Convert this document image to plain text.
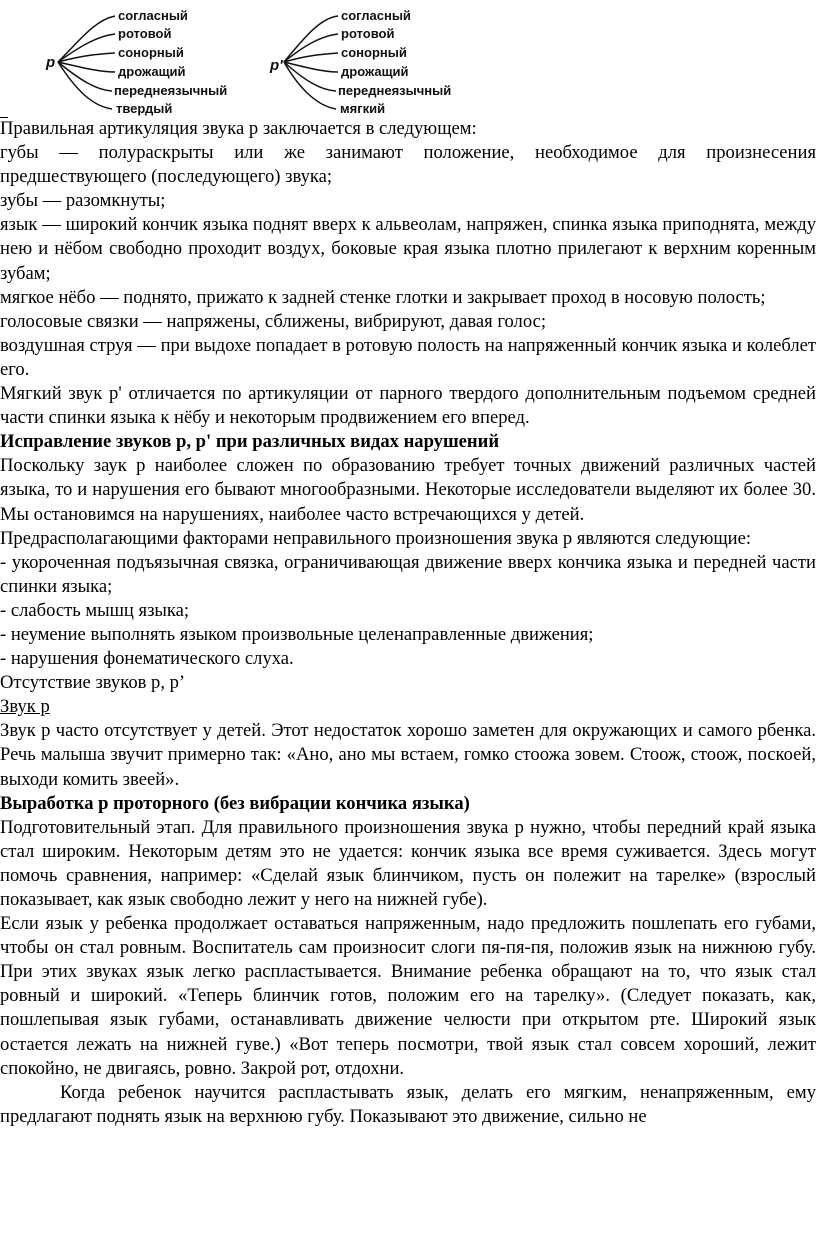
р
согласный
ротовой
сонорный
дрожащий
переднеязычный
твердый
р'
согласный
ротовой
сонорный
дрожащий
переднеязычный
мягкий

Правильная артикуляция звука р заключается в следующем:

губы — полураскрыты или же занимают положение, необходимое для произнесения предшествующего (последующего) звука;

зубы — разомкнуты;

язык — широкий кончик языка поднят вверх к альвеолам, напряжен, спинка языка приподнята, между нею и нёбом свободно проходит воздух, боковые края языка плотно прилегают к верхним коренным зубам;

мягкое нёбо — поднято, прижато к задней стенке глотки и закрывает проход в носовую полость;

голосовые связки — напряжены, сближены, вибрируют, давая голос;

воздушная струя — при выдохе попадает в ротовую полость на напряженный кончик языка и колеблет его.

Мягкий звук р' отличается по артикуляции от парного твердого дополнительным подъемом средней части спинки языка к нёбу и некоторым продвижением его вперед.

Исправление звуков р, р' при различных видах нарушений

Поскольку заук р наиболее сложен по образованию требует точных движений различных частей языка, то и нарушения его бывают многообразными. Некоторые исследователи выделяют их более 30. Мы остановимся на нарушениях, наиболее часто встречающихся у детей.

Предрасполагающими факторами неправильного произношения звука р являются следующие:

- укороченная подъязычная связка, ограничивающая движение вверх кончика языка и передней части спинки языка;

- слабость мышц языка;

- неумение выполнять языком произвольные целенаправленные движения;

- нарушения фонематического слуха.

Отсутствие звуков р, р’

Звук р

Звук р часто отсутствует у детей. Этот недостаток хорошо заметен для окружающих и самого рбенка. Речь малыша звучит примерно так: «Ано, ано мы встаем, гомко стоожа зовем. Стоож, стоож, поскоей, выходи комить звеей».

Выработка р проторного (без вибрации кончика языка)

Подготовительный этап. Для правильного произношения звука р нужно, чтобы передний край языка стал широким. Некоторым детям это не удается: кончик языка все время суживается. Здесь могут помочь сравнения, например: «Сделай язык блинчиком, пусть он полежит на тарелке» (взрослый показывает, как язык свободно лежит у него на нижней губе).

Если язык у ребенка продолжает оставаться напряженным, надо предложить пошлепать его губами, чтобы он стал ровным. Воспитатель сам произносит слоги пя-пя-пя, положив язык на нижнюю губу. При этих звуках язык легко распластывается. Внимание ребенка обращают на то, что язык стал ровный и широкий. «Теперь блинчик готов, положим его на тарелку». (Следует показать, как, пошлепывая язык губами, останавливать движение челюсти при открытом рте. Широкий язык остается лежать на нижней гуве.) «Вот теперь посмотри, твой язык стал совсем хороший, лежит спокойно, не двигаясь, ровно. Закрой рот, отдохни.

Когда ребенок научится распластывать язык, делать его мягким, ненапряженным, ему предлагают поднять язык на верхнюю губу. Показывают это движение, сильно не
